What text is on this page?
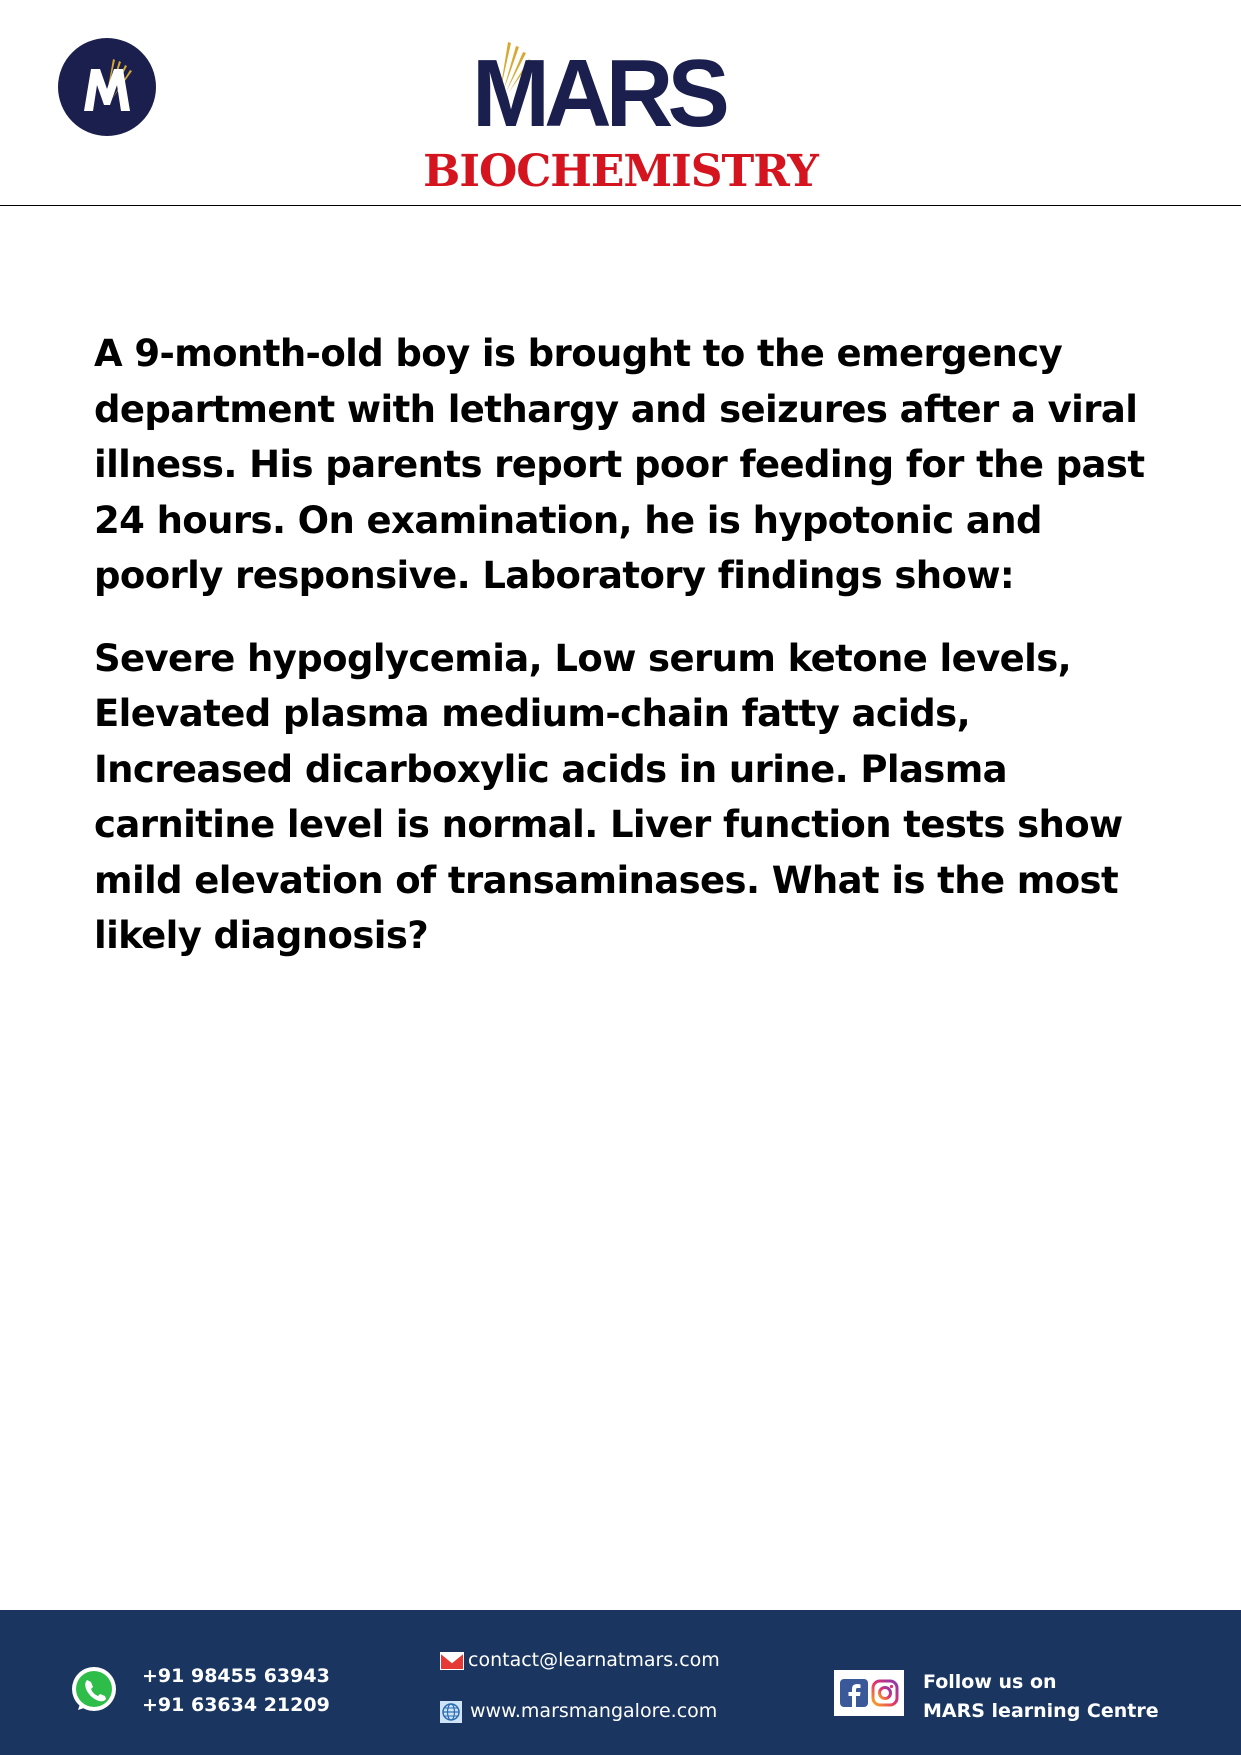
MARS
BIOCHEMISTRY

A 9-month-old boy is brought to the emergency department with lethargy and seizures after a viral illness. His parents report poor feeding for the past 24 hours. On examination, he is hypotonic and poorly responsive. Laboratory findings show:

Severe hypoglycemia, Low serum ketone levels, Elevated plasma medium-chain fatty acids, Increased dicarboxylic acids in urine. Plasma carnitine level is normal. Liver function tests show mild elevation of transaminases. What is the most likely diagnosis?

+91 98455 63943
+91 63634 21209
contact@learnatmars.com
www.marsmangalore.com
Follow us on
MARS learning Centre
